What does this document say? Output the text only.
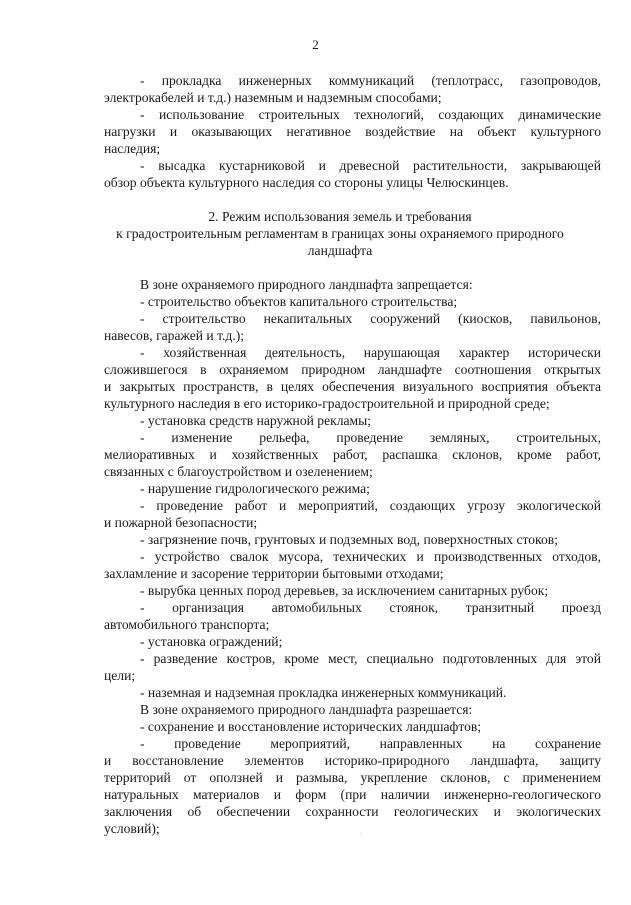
2
- прокладка инженерных коммуникаций (теплотрасс, газопроводов,
электрокабелей и т.д.) наземным и надземным способами;
- использование строительных технологий, создающих динамические
нагрузки и оказывающих негативное воздействие на объект культурного
наследия;
- высадка кустарниковой и древесной растительности, закрывающей
обзор объекта культурного наследия со стороны улицы Челюскинцев.
2. Режим использования земель и требования
к градостроительным регламентам в границах зоны охраняемого природного
ландшафта
В зоне охраняемого природного ландшафта запрещается:
- строительство объектов капитального строительства;
- строительство некапитальных сооружений (киосков, павильонов,
навесов, гаражей и т.д.);
- хозяйственная деятельность, нарушающая характер исторически
сложившегося в охраняемом природном ландшафте соотношения открытых
и закрытых пространств, в целях обеспечения визуального восприятия объекта
культурного наследия в его историко-градостроительной и природной среде;
- установка средств наружной рекламы;
- изменение рельефа, проведение земляных, строительных,
мелиоративных и хозяйственных работ, распашка склонов, кроме работ,
связанных с благоустройством и озеленением;
- нарушение гидрологического режима;
- проведение работ и мероприятий, создающих угрозу экологической
и пожарной безопасности;
- загрязнение почв, грунтовых и подземных вод, поверхностных стоков;
- устройство свалок мусора, технических и производственных отходов,
захламление и засорение территории бытовыми отходами;
- вырубка ценных пород деревьев, за исключением санитарных рубок;
- организация автомобильных стоянок, транзитный проезд
автомобильного транспорта;
- установка ограждений;
- разведение костров, кроме мест, специально подготовленных для этой
цели;
- наземная и надземная прокладка инженерных коммуникаций.
В зоне охраняемого природного ландшафта разрешается:
- сохранение и восстановление исторических ландшафтов;
- проведение мероприятий, направленных на сохранение
и восстановление элементов историко-природного ландшафта, защиту
территорий от оползней и размыва, укрепление склонов, с применением
натуральных материалов и форм (при наличии инженерно-геологического
заключения об обеспечении сохранности геологических и экологических
условий);	·
